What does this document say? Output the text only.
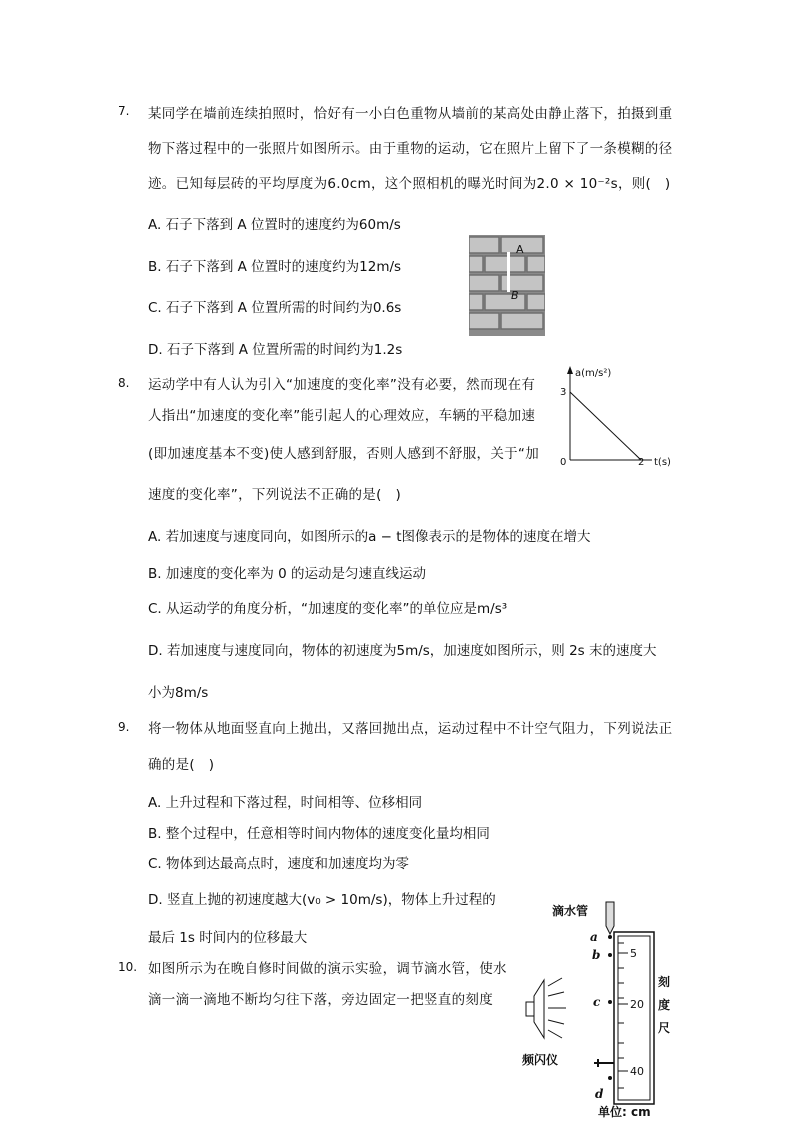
7. 某同学在墙前连续拍照时，恰好有一小白色重物从墙前的某高处由静止落下，拍摄到重
物下落过程中的一张照片如图所示。由于重物的运动，它在照片上留下了一条模糊的径
迹。已知每层砖的平均厚度为6.0cm，这个照相机的曝光时间为2.0 × 10⁻²s，则(　)
A. 石子下落到 A 位置时的速度约为60m/s
B. 石子下落到 A 位置时的速度约为12m/s
C. 石子下落到 A 位置所需的时间约为0.6s
D. 石子下落到 A 位置所需的时间约为1.2s
A
B
8. 运动学中有人认为引入“加速度的变化率”没有必要，然而现在有
人指出“加速度的变化率”能引起人的心理效应，车辆的平稳加速
(即加速度基本不变)使人感到舒服，否则人感到不舒服，关于“加
速度的变化率”，下列说法不正确的是(　)
A. 若加速度与速度同向，如图所示的a − t图像表示的是物体的速度在增大
B. 加速度的变化率为 0 的运动是匀速直线运动
C. 从运动学的角度分析，“加速度的变化率”的单位应是m/s³
D. 若加速度与速度同向，物体的初速度为5m/s，加速度如图所示，则 2s 末的速度大
小为8m/s
a(m/s²)
t(s)
3
2
0
9. 将一物体从地面竖直向上抛出，又落回抛出点，运动过程中不计空气阻力，下列说法正
确的是(　)
A. 上升过程和下落过程，时间相等、位移相同
B. 整个过程中，任意相等时间内物体的速度变化量均相同
C. 物体到达最高点时，速度和加速度均为零
D. 竖直上抛的初速度越大(v₀ > 10m/s)，物体上升过程的
最后 1s 时间内的位移最大
10. 如图所示为在晚自修时间做的演示实验，调节滴水管，使水
滴一滴一滴地不断均匀往下落，旁边固定一把竖直的刻度
滴水管
5
20
40
刻
度
尺
a
b
c
d
频闪仪
单位: cm
